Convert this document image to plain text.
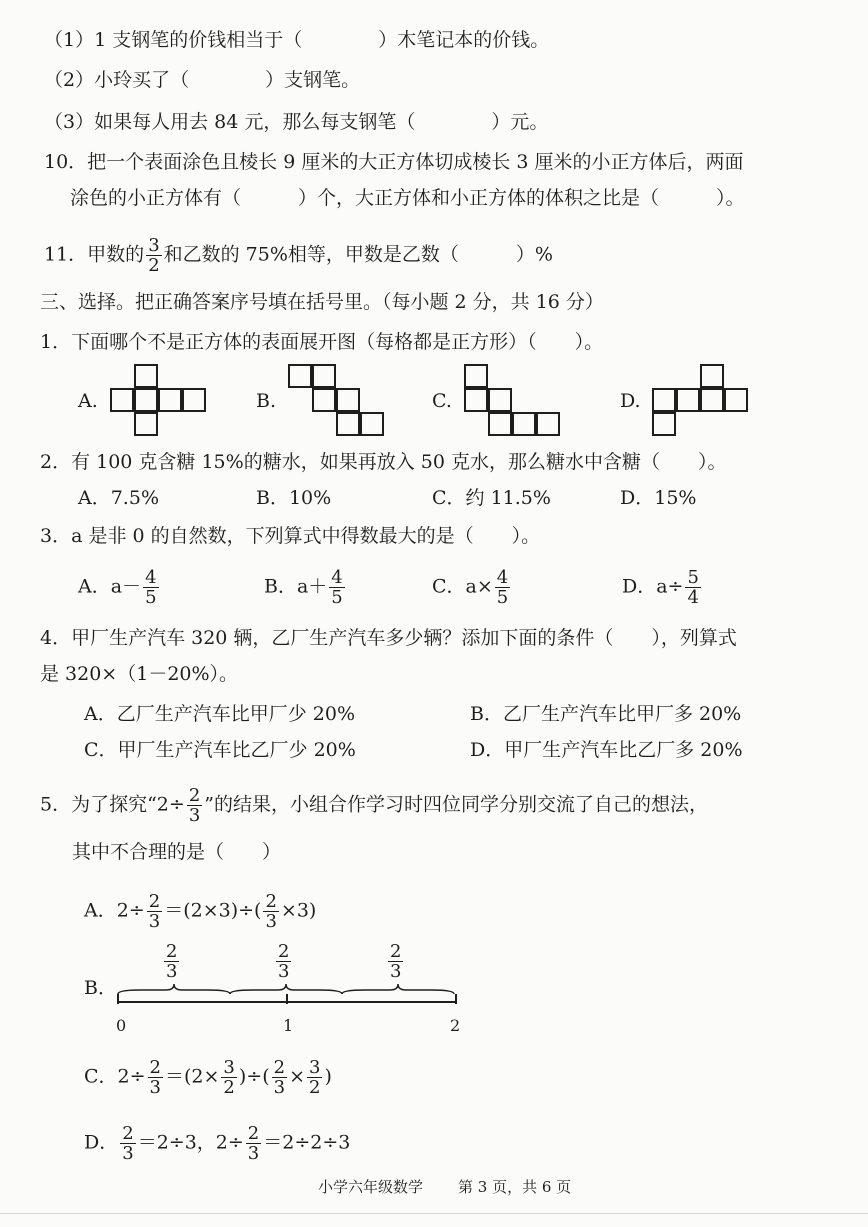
（1）1 支钢笔的价钱相当于（　　　　）木笔记本的价钱。
（2）小玲买了（　　　　）支钢笔。
（3）如果每人用去 84 元，那么每支钢笔（　　　　）元。
10．把一个表面涂色且棱长 9 厘米的大正方体切成棱长 3 厘米的小正方体后，两面
涂色的小正方体有（　　　）个，大正方体和小正方体的体积之比是（　　　）。
11．甲数的 $\frac{3}{2}$ 和乙数的 75%相等，甲数是乙数（　　　）%
三、选择。把正确答案序号填在括号里。（每小题 2 分，共 16 分）
1．下面哪个不是正方体的表面展开图（每格都是正方形）（　　）。
A.	B.	C.	D.
2．有 100 克含糖 15%的糖水，如果再放入 50 克水，那么糖水中含糖（　　）。
A．7.5%	B．10%	C．约 11.5%	D．15%
3．a 是非 0 的自然数，下列算式中得数最大的是（　　）。
A．$a- \frac{4}{5}$	B．$a+ \frac{4}{5}$	C．$a\times \frac{4}{5}$	D．$a\div \frac{5}{4}$
4．甲厂生产汽车 320 辆，乙厂生产汽车多少辆？添加下面的条件（　　），列算式
是 320×（1－20%）。
A．乙厂生产汽车比甲厂少 20%	B．乙厂生产汽车比甲厂多 20%
C．甲厂生产汽车比乙厂少 20%	D．甲厂生产汽车比乙厂多 20%
5．为了探究“$2\div \frac{2}{3}$ ”的结果，小组合作学习时四位同学分别交流了自己的想法，
其中不合理的是（　　）
A．$2\div \frac{2}{3} =(2\times 3)\div( \frac{2}{3} \times 3)$
B．
$\frac{2}{3}$	$\frac{2}{3}$	$\frac{2}{3}$
0	1	2
C．$2\div \frac{2}{3} =(2\times \frac{3}{2}$ )÷( $\frac{2}{3} \times \frac{3}{2}$ )
D． $\frac{2}{3} =2\div 3$，$2\div \frac{2}{3} =2\div 2\div 3$
小学六年级数学 第 3 页，共 6 页
